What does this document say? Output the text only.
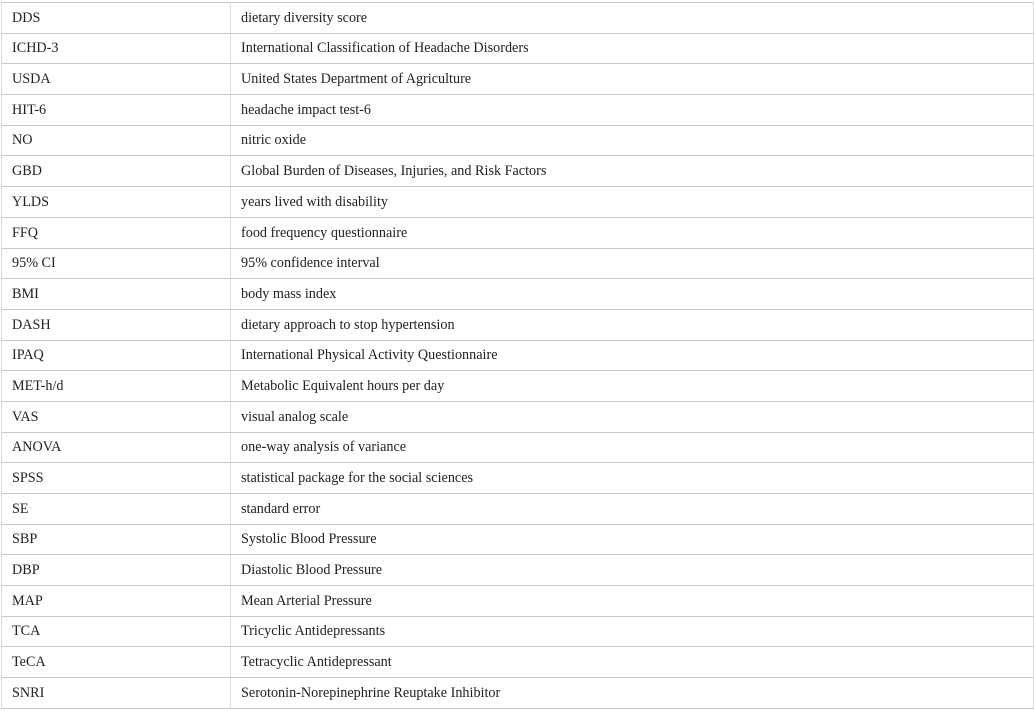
DDS	dietary diversity score
ICHD-3	International Classification of Headache Disorders
USDA	United States Department of Agriculture
HIT-6	headache impact test-6
NO	nitric oxide
GBD	Global Burden of Diseases, Injuries, and Risk Factors
YLDS	years lived with disability
FFQ	food frequency questionnaire
95% CI	95% confidence interval
BMI	body mass index
DASH	dietary approach to stop hypertension
IPAQ	International Physical Activity Questionnaire
MET-h/d	Metabolic Equivalent hours per day
VAS	visual analog scale
ANOVA	one-way analysis of variance
SPSS	statistical package for the social sciences
SE	standard error
SBP	Systolic Blood Pressure
DBP	Diastolic Blood Pressure
MAP	Mean Arterial Pressure
TCA	Tricyclic Antidepressants
TeCA	Tetracyclic Antidepressant
SNRI	Serotonin-Norepinephrine Reuptake Inhibitor
